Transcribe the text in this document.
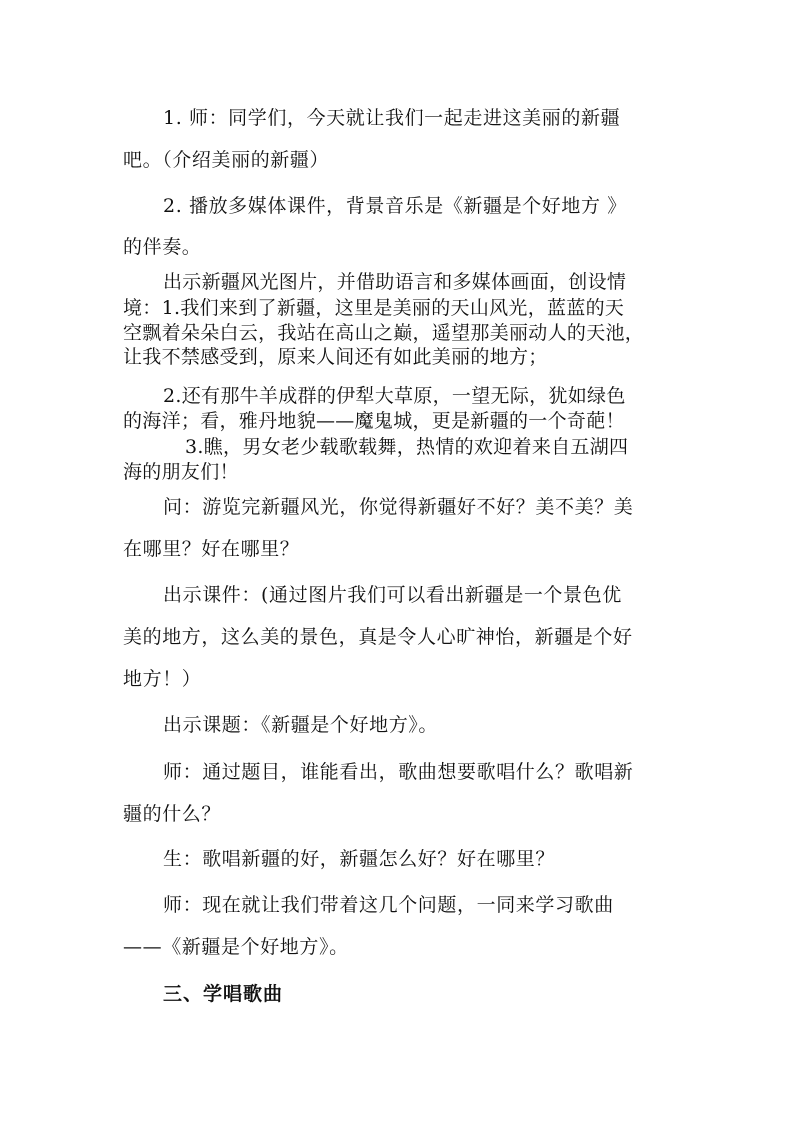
1. 师：同学们，今天就让我们一起走进这美丽的新疆
吧。（介绍美丽的新疆）
2. 播放多媒体课件，背景音乐是《新疆是个好地方 》
的伴奏。
出示新疆风光图片，并借助语言和多媒体画面，创设情
境：1.我们来到了新疆，这里是美丽的天山风光，蓝蓝的天
空飘着朵朵白云，我站在高山之巅，遥望那美丽动人的天池，
让我不禁感受到，原来人间还有如此美丽的地方；
2.还有那牛羊成群的伊犁大草原，一望无际，犹如绿色
的海洋；看，雅丹地貌——魔鬼城，更是新疆的一个奇葩！
3.瞧，男女老少载歌载舞，热情的欢迎着来自五湖四
海的朋友们！
问：游览完新疆风光，你觉得新疆好不好？美不美？美
在哪里？好在哪里？
出示课件：(通过图片我们可以看出新疆是一个景色优
美的地方，这么美的景色，真是令人心旷神怡，新疆是个好
地方！）
出示课题：《新疆是个好地方》。
师：通过题目，谁能看出，歌曲想要歌唱什么？歌唱新
疆的什么？
生：歌唱新疆的好，新疆怎么好？好在哪里？
师：现在就让我们带着这几个问题，一同来学习歌曲
——《新疆是个好地方》。
三、学唱歌曲
